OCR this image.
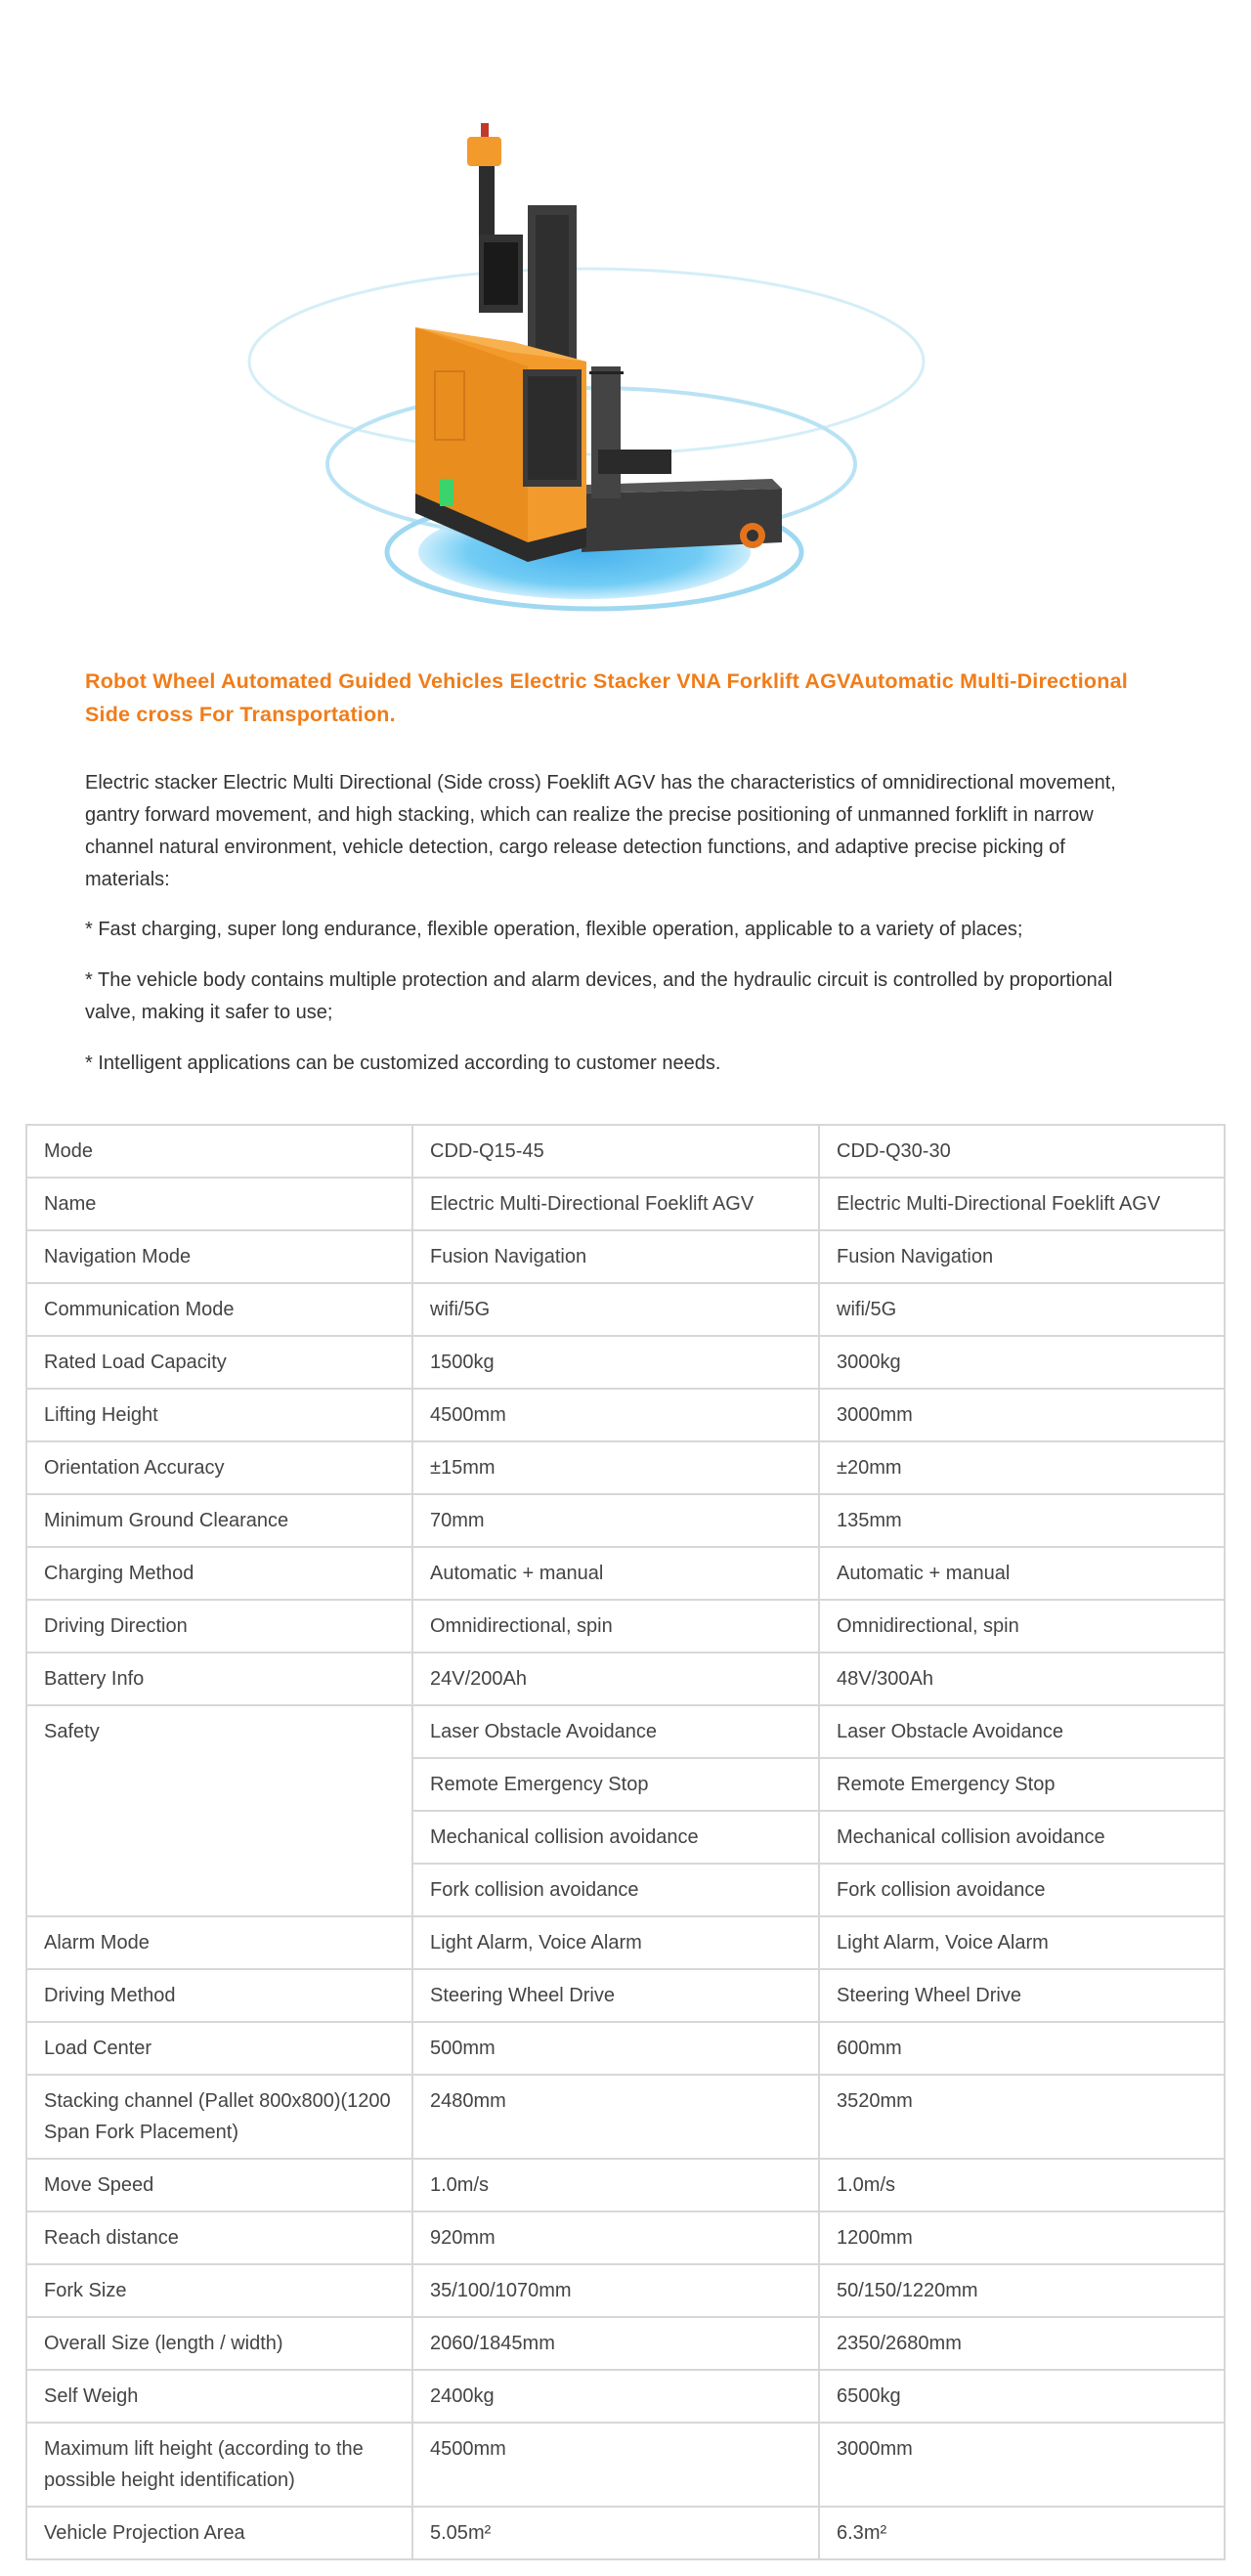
Robot Wheel Automated Guided Vehicles Electric Stacker VNA Forklift AGVAutomatic Multi-Directional Side cross For Transportation.
Electric stacker Electric Multi Directional (Side cross) Foeklift AGV has the characteristics of omnidirectional movement, gantry forward movement, and high stacking, which can realize the precise positioning of unmanned forklift in narrow channel natural environment, vehicle detection, cargo release detection functions, and adaptive precise picking of materials:
* Fast charging, super long endurance, flexible operation, flexible operation, applicable to a variety of places;
* The vehicle body contains multiple protection and alarm devices, and the hydraulic circuit is controlled by proportional valve, making it safer to use;
* Intelligent applications can be customized according to customer needs.
Mode	CDD-Q15-45	CDD-Q30-30
Name	Electric Multi-Directional Foeklift AGV	Electric Multi-Directional Foeklift AGV
Navigation Mode	Fusion Navigation	Fusion Navigation
Communication Mode	wifi/5G	wifi/5G
Rated Load Capacity	1500kg	3000kg
Lifting Height	4500mm	3000mm
Orientation Accuracy	±15mm	±20mm
Minimum Ground Clearance	70mm	135mm
Charging Method	Automatic + manual	Automatic + manual
Driving Direction	Omnidirectional, spin	Omnidirectional, spin
Battery Info	24V/200Ah	48V/300Ah
Safety	Laser Obstacle Avoidance	Laser Obstacle Avoidance
	Remote Emergency Stop	Remote Emergency Stop
	Mechanical collision avoidance	Mechanical collision avoidance
	Fork collision avoidance	Fork collision avoidance
Alarm Mode	Light Alarm, Voice Alarm	Light Alarm, Voice Alarm
Driving Method	Steering Wheel Drive	Steering Wheel Drive
Load Center	500mm	600mm
Stacking channel (Pallet 800x800)(1200 Span Fork Placement)	2480mm	3520mm
Move Speed	1.0m/s	1.0m/s
Reach distance	920mm	1200mm
Fork Size	35/100/1070mm	50/150/1220mm
Overall Size (length / width)	2060/1845mm	2350/2680mm
Self Weigh	2400kg	6500kg
Maximum lift height (according to the possible height identification)	4500mm	3000mm
Vehicle Projection Area	5.05m²	6.3m²
